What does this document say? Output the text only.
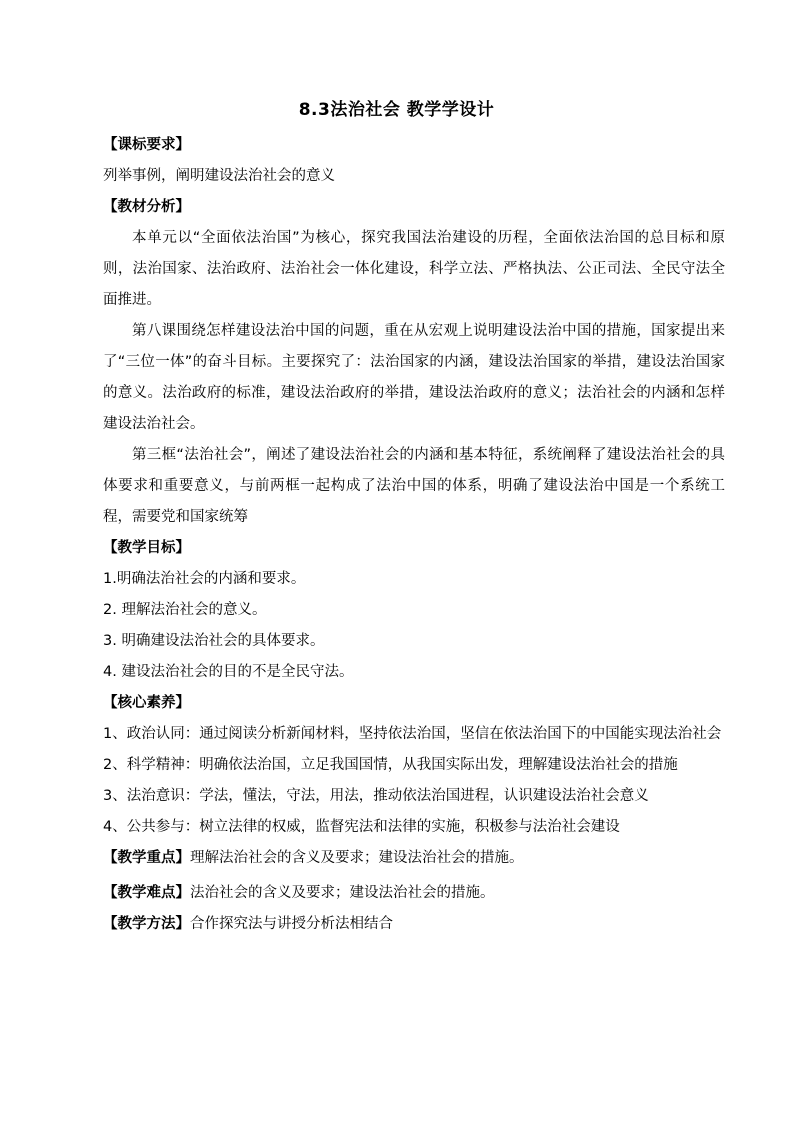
8.3法治社会 教学学设计

【课标要求】

列举事例，阐明建设法治社会的意义

【教材分析】

本单元以“全面依法治国”为核心，探究我国法治建设的历程，全面依法治国的总目标和原则，法治国家、法治政府、法治社会一体化建设，科学立法、严格执法、公正司法、全民守法全面推进。

第八课围绕怎样建设法治中国的问题，重在从宏观上说明建设法治中国的措施，国家提出来了“三位一体”的奋斗目标。主要探究了：法治国家的内涵，建设法治国家的举措，建设法治国家的意义。法治政府的标准，建设法治政府的举措，建设法治政府的意义；法治社会的内涵和怎样建设法治社会。

第三框“法治社会”，阐述了建设法治社会的内涵和基本特征，系统阐释了建设法治社会的具体要求和重要意义，与前两框一起构成了法治中国的体系，明确了建设法治中国是一个系统工程，需要党和国家统筹

【教学目标】

1.明确法治社会的内涵和要求。

2. 理解法治社会的意义。

3. 明确建设法治社会的具体要求。

4. 建设法治社会的目的不是全民守法。

【核心素养】

1、政治认同：通过阅读分析新闻材料，坚持依法治国，坚信在依法治国下的中国能实现法治社会

2、科学精神：明确依法治国，立足我国国情，从我国实际出发，理解建设法治社会的措施

3、法治意识：学法，懂法，守法，用法，推动依法治国进程，认识建设法治社会意义

4、公共参与：树立法律的权威，监督宪法和法律的实施，积极参与法治社会建设

【教学重点】理解法治社会的含义及要求；建设法治社会的措施。

【教学难点】法治社会的含义及要求；建设法治社会的措施。

【教学方法】合作探究法与讲授分析法相结合
